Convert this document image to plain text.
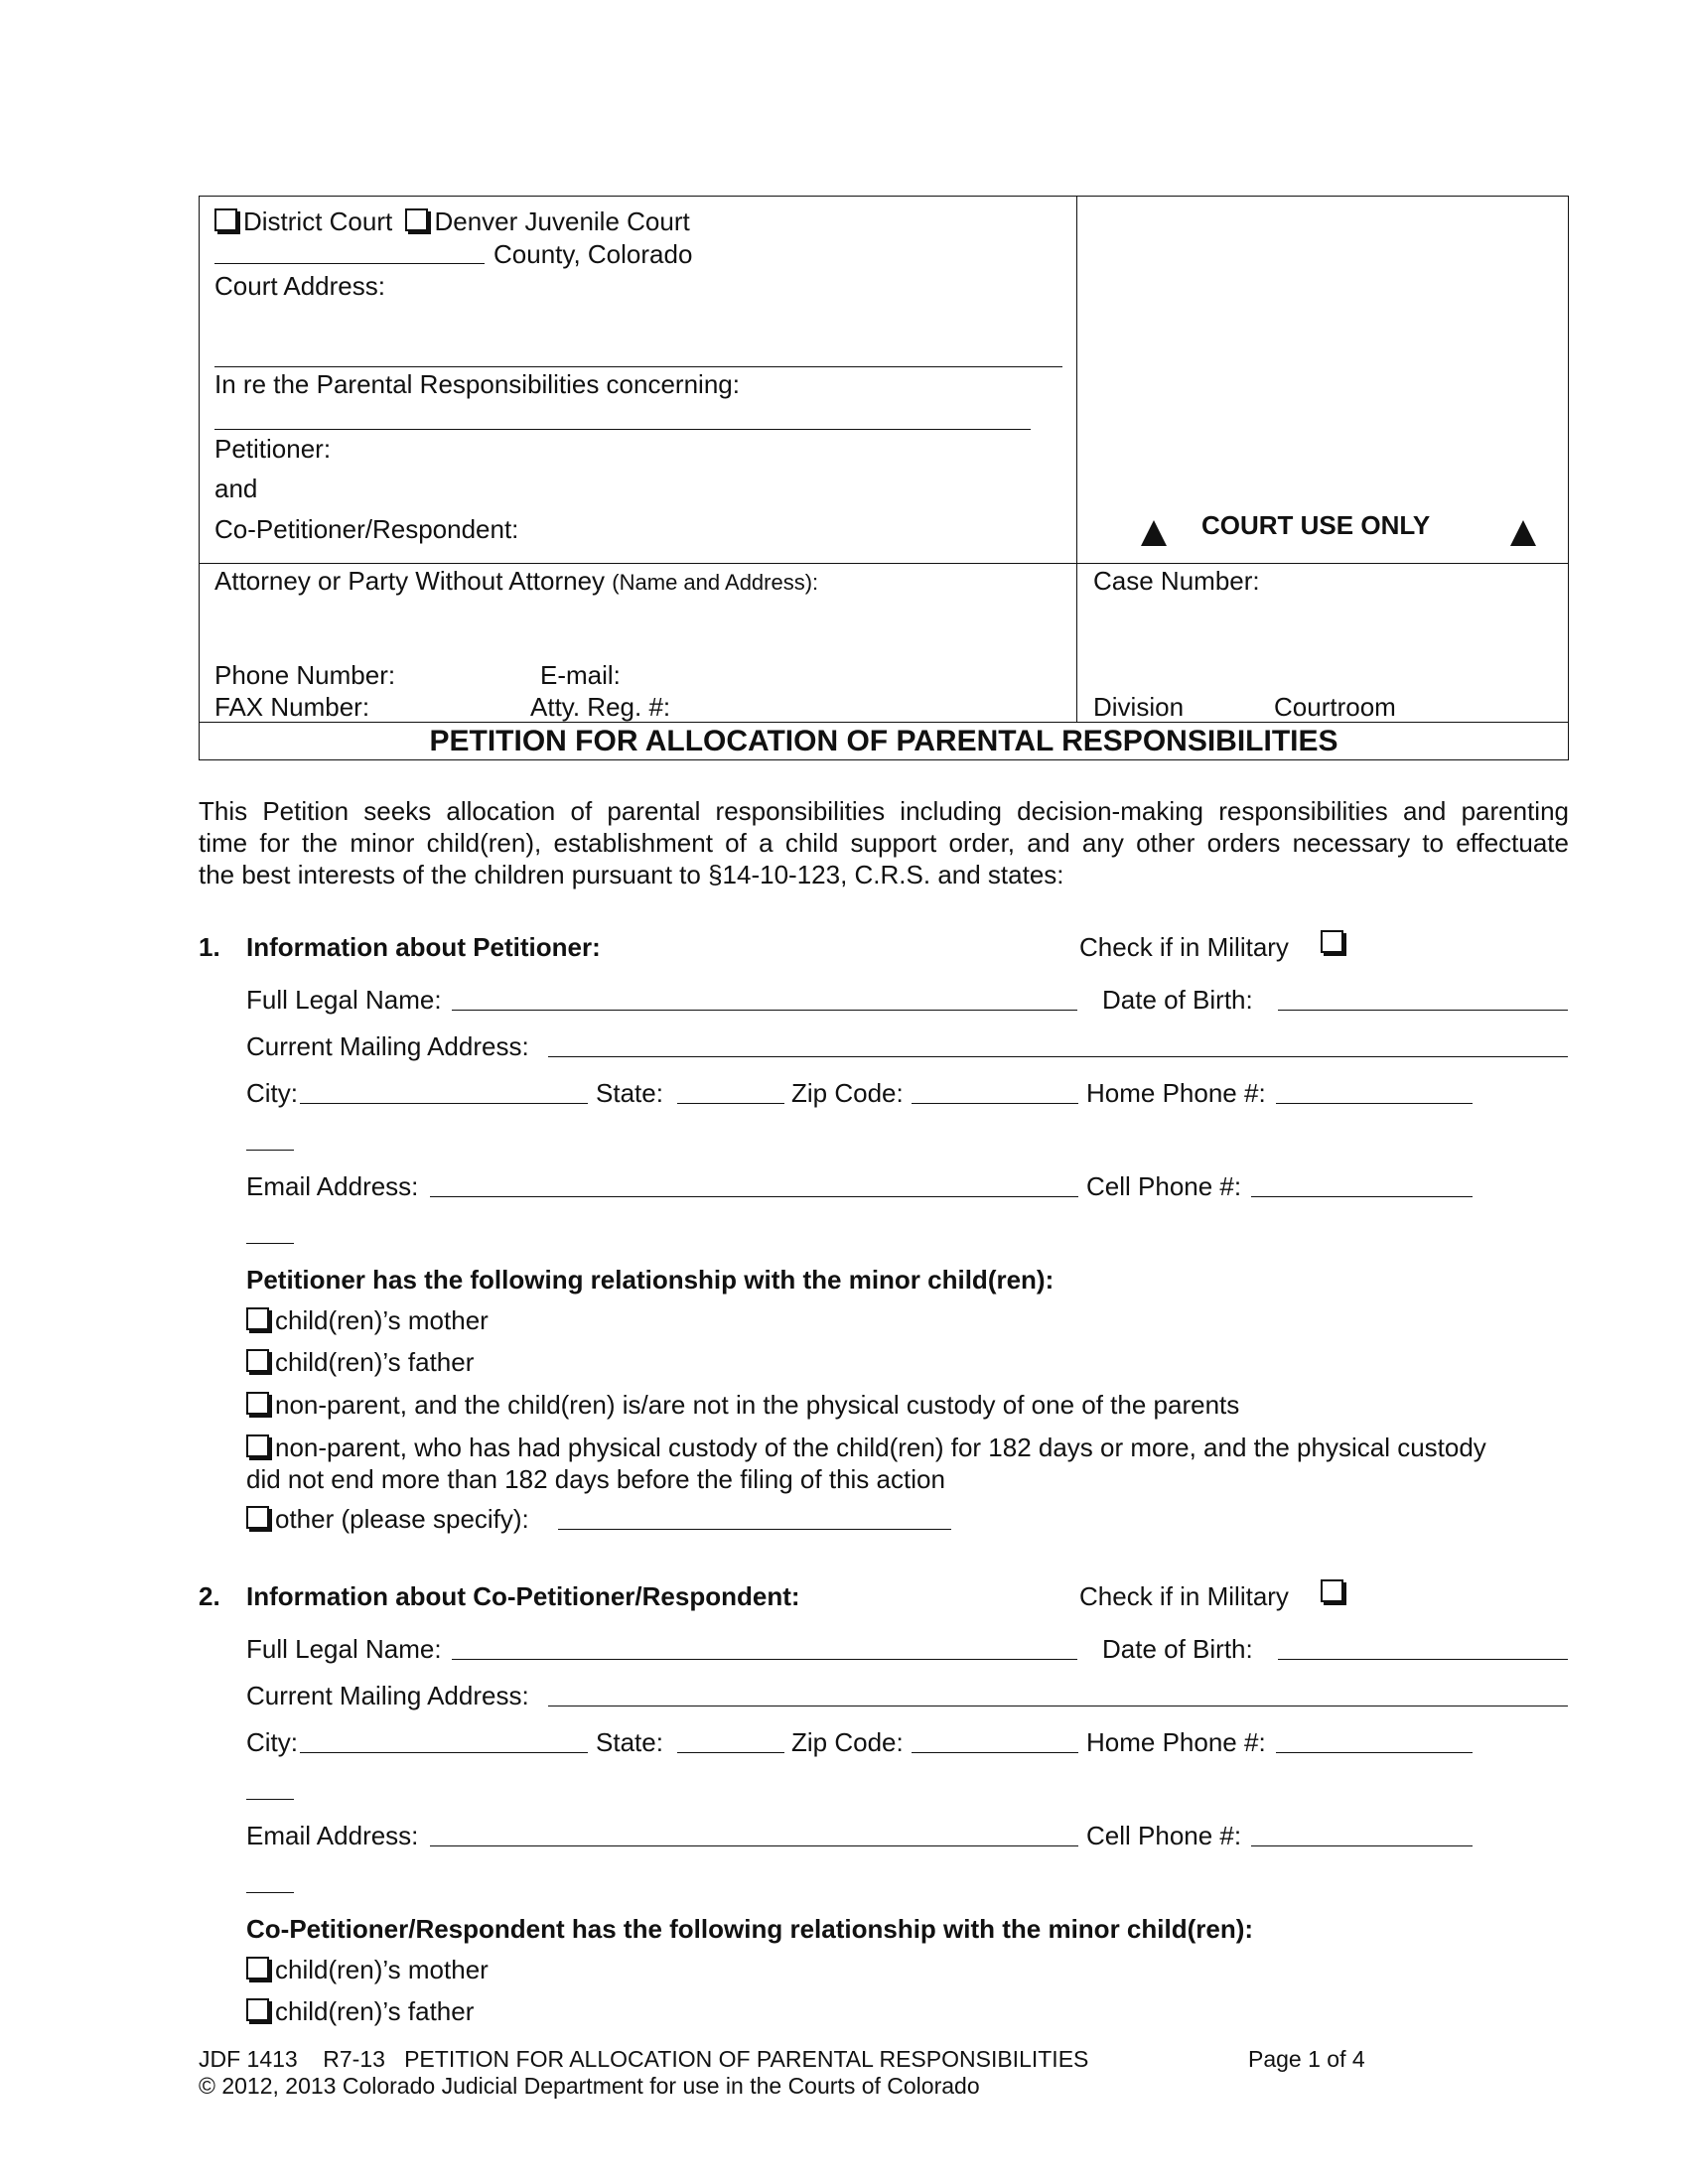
District Court Denver Juvenile Court
County, Colorado
Court Address:
In re the Parental Responsibilities concerning:
Petitioner:
and
Co-Petitioner/Respondent:	COURT USE ONLY
Attorney or Party Without Attorney (Name and Address):
Phone Number:	E-mail:
FAX Number:	Atty. Reg. #:
Case Number:
Division	Courtroom
PETITION FOR ALLOCATION OF PARENTAL RESPONSIBILITIES
This Petition seeks allocation of parental responsibilities including decision-making responsibilities and parenting
time for the minor child(ren), establishment of a child support order, and any other orders necessary to effectuate
the best interests of the children pursuant to §14-10-123, C.R.S. and states:
1. Information about Petitioner:	Check if in Military
Full Legal Name:	Date of Birth:
Current Mailing Address:
City:	State:	Zip Code:	Home Phone #:
Email Address:	Cell Phone #:
Petitioner has the following relationship with the minor child(ren):
child(ren)’s mother
child(ren)’s father
non-parent, and the child(ren) is/are not in the physical custody of one of the parents
non-parent, who has had physical custody of the child(ren) for 182 days or more, and the physical custody
did not end more than 182 days before the filing of this action
other (please specify):
2. Information about Co-Petitioner/Respondent:	Check if in Military
Full Legal Name:	Date of Birth:
Current Mailing Address:
City:	State:	Zip Code:	Home Phone #:
Email Address:	Cell Phone #:
Co-Petitioner/Respondent has the following relationship with the minor child(ren):
child(ren)’s mother
child(ren)’s father
JDF 1413    R7-13   PETITION FOR ALLOCATION OF PARENTAL RESPONSIBILITIES	Page 1 of 4
© 2012, 2013 Colorado Judicial Department for use in the Courts of Colorado
